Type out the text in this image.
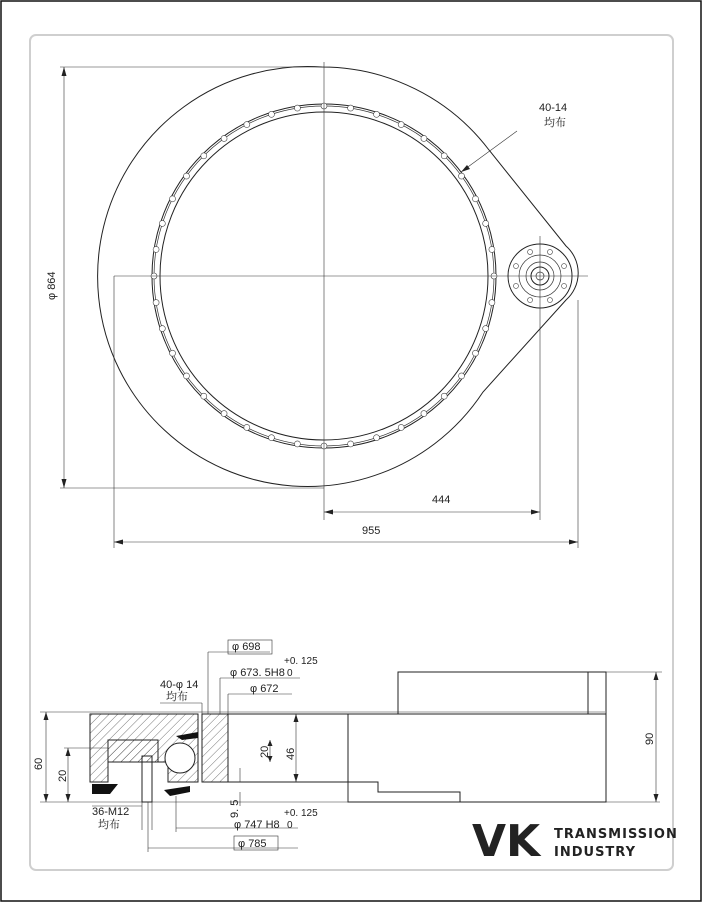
φ 864
444
955
40-14
均布
φ 698
+0. 125
φ 673. 5H8 0
φ 672
40-φ 14
均布
60
20
20 46
90
9. 5
36-M12
均布
+0. 125
φ 747 H8 0
φ 785	VK TRANSMISSION
INDUSTRY
